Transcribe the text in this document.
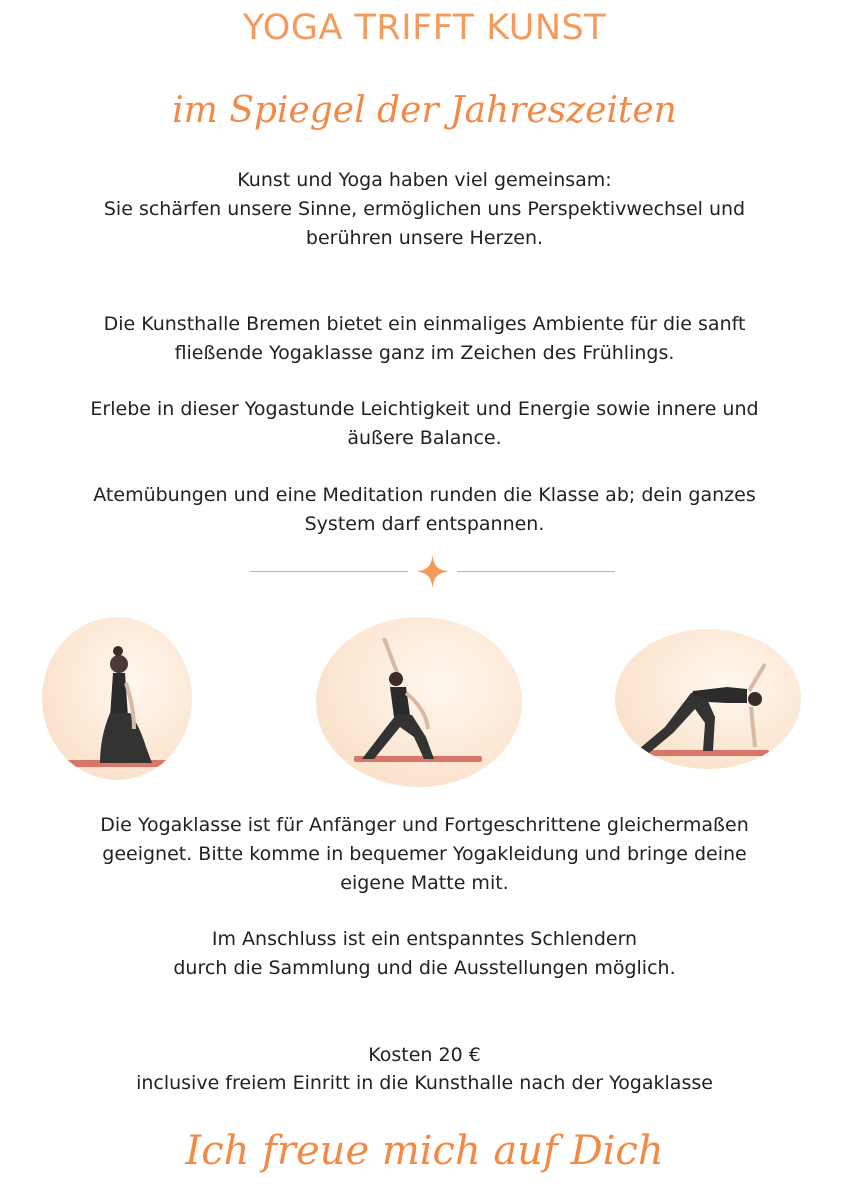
YOGA TRIFFT KUNST
im Spiegel der Jahreszeiten
Kunst und Yoga haben viel gemeinsam:
Sie schärfen unsere Sinne, ermöglichen uns Perspektivwechsel und
berühren unsere Herzen.
Die Kunsthalle Bremen bietet ein einmaliges Ambiente für die sanft
fließende Yogaklasse ganz im Zeichen des Frühlings.
Erlebe in dieser Yogastunde Leichtigkeit und Energie sowie innere und
äußere Balance.
Atemübungen und eine Meditation runden die Klasse ab; dein ganzes
System darf entspannen.
Die Yogaklasse ist für Anfänger und Fortgeschrittene gleichermaßen
geeignet. Bitte komme in bequemer Yogakleidung und bringe deine
eigene Matte mit.
Im Anschluss ist ein entspanntes Schlendern
durch die Sammlung und die Ausstellungen möglich.

Kosten 20 €

inclusive freiem Einritt in die Kunsthalle nach der Yogaklasse

Ich freue mich auf Dich
